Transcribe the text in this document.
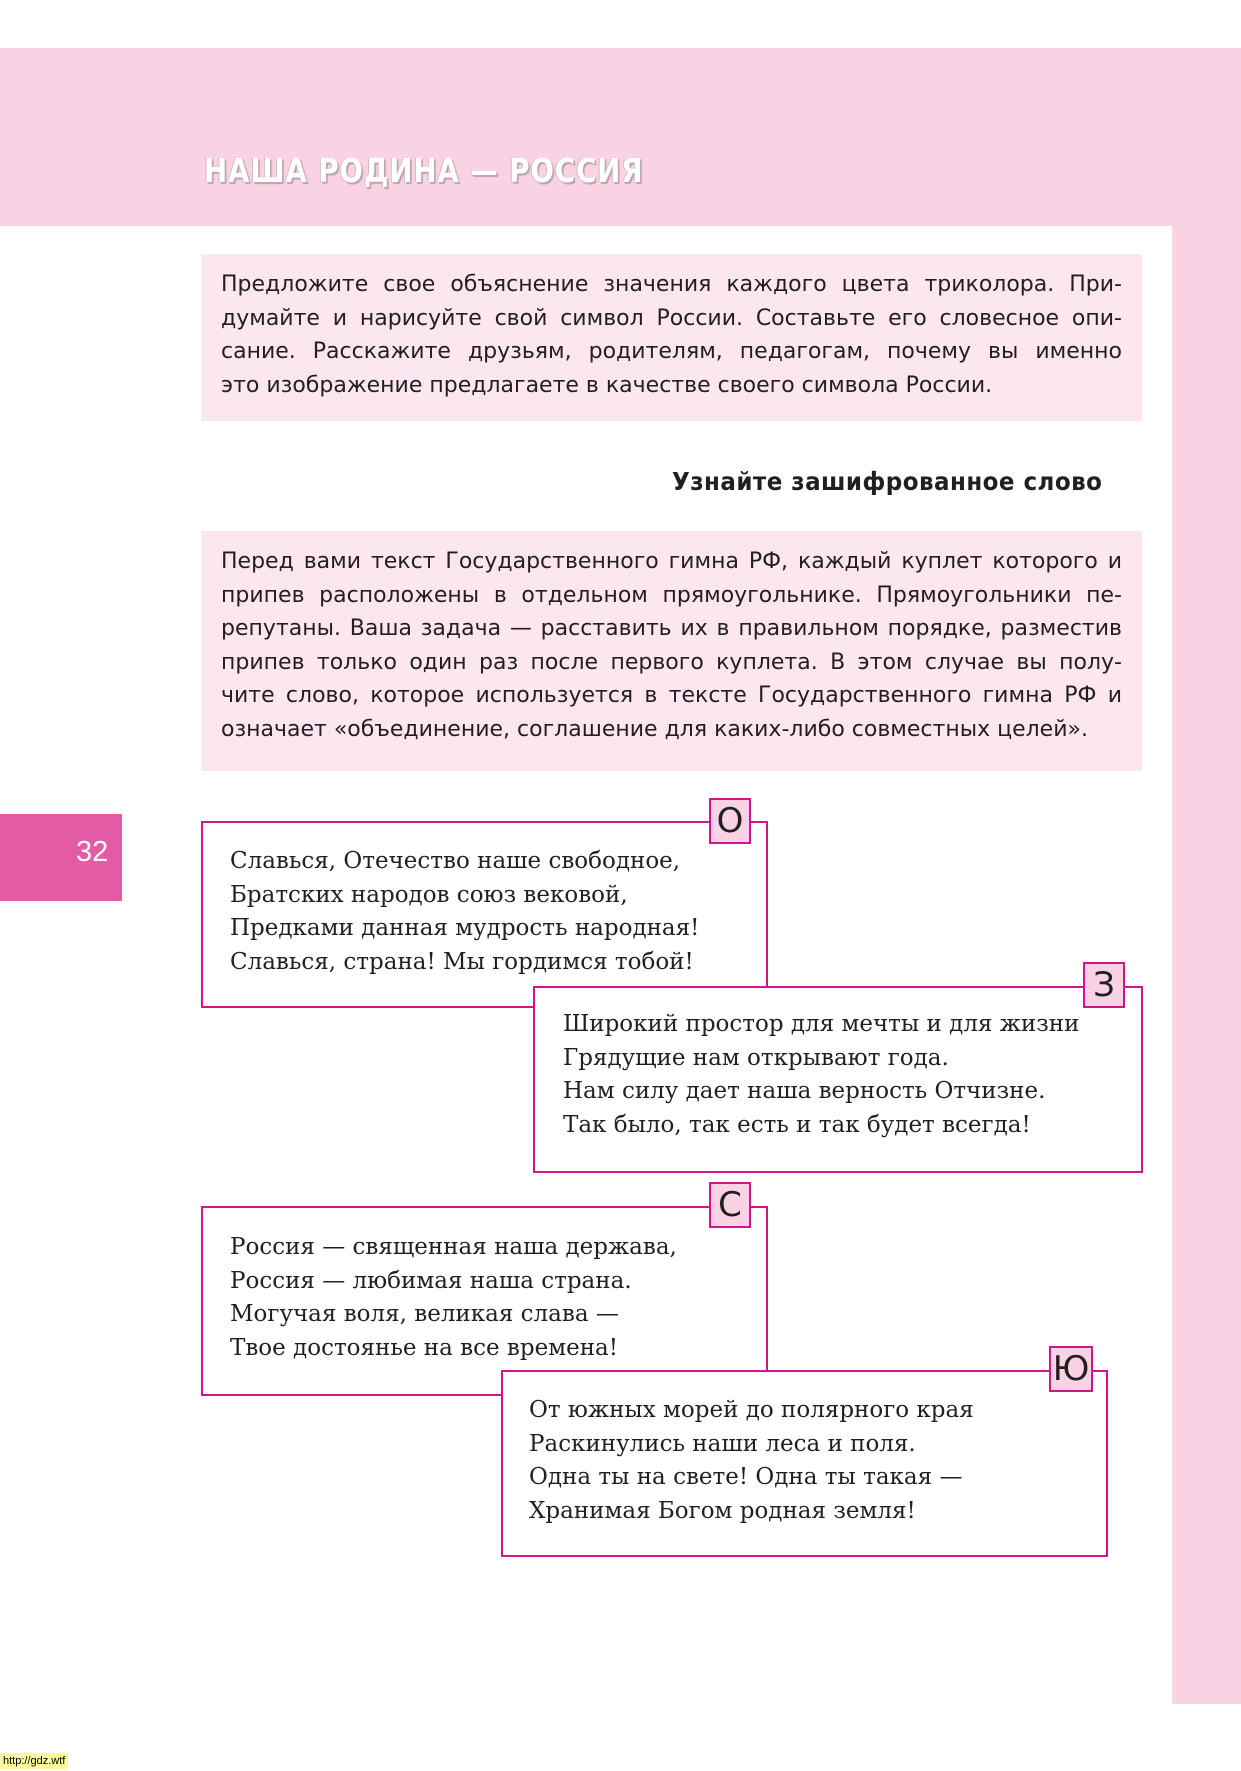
НАША РОДИНА — РОССИЯ
32
Предложите свое объяснение значения каждого цвета триколора. При-
думайте и нарисуйте свой символ России. Составьте его словесное опи-
сание. Расскажите друзьям, родителям, педагогам, почему вы именно
это изображение предлагаете в качестве своего символа России.
Узнайте зашифрованное слово
Перед вами текст Государственного гимна РФ, каждый куплет которого и
припев расположены в отдельном прямоугольнике. Прямоугольники пе-
репутаны. Ваша задача — расставить их в правильном порядке, разместив
припев только один раз после первого куплета. В этом случае вы полу-
чите слово, которое используется в тексте Государственного гимна РФ и
означает «объединение, соглашение для каких-либо совместных целей».
Славься, Отечество наше свободное,
Братских народов союз вековой,
Предками данная мудрость народная!
Славься, страна! Мы гордимся тобой!
О
Широкий простор для мечты и для жизни
Грядущие нам открывают года.
Нам силу дает наша верность Отчизне.
Так было, так есть и так будет всегда!
З
Россия — священная наша держава,
Россия — любимая наша страна.
Могучая воля, великая слава —
Твое достоянье на все времена!
С
От южных морей до полярного края
Раскинулись наши леса и поля.
Одна ты на свете! Одна ты такая —
Хранимая Богом родная земля!
Ю
http://gdz.wtf
